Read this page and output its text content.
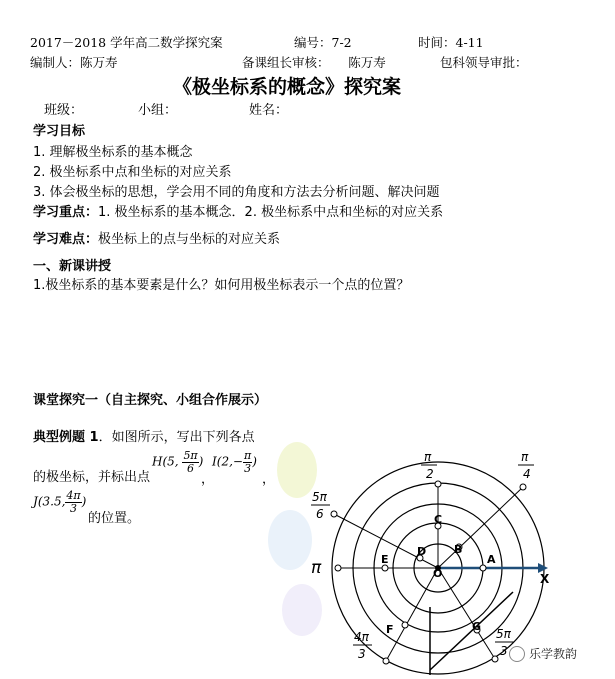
2017－2018 学年高二数学探究案	编号：7-2	时间：4-11
编制人：陈万寿	备课组长审核：　　陈万寿	包科领导审批：
《极坐标系的概念》探究案
班级：	小组：	姓名：
学习目标
1. 理解极坐标系的基本概念
2. 极坐标系中点和坐标的对应关系
3. 体会极坐标的思想，学会用不同的角度和方法去分析问题、解决问题
学习重点：1. 极坐标系的基本概念．2. 极坐标系中点和坐标的对应关系
学习难点：极坐标上的点与坐标的对应关系
一、新课讲授
1.极坐标系的基本要素是什么？如何用极坐标表示一个点的位置？
课堂探究一（自主探究、小组合作展示）
典型例题 1．如图所示，写出下列各点
的极坐标，并标出点
H(5, $\frac{5\pi}{6}$ )
，
$I(2,- \frac{\pi}{3}$ )
，
J(3.5, $\frac{4\pi}{3}$ )
的位置。
A
B
C
D
E
F	G
O	X
π
π
2
π
4
5π
6
4π
3
5π
3 乐学教韵
